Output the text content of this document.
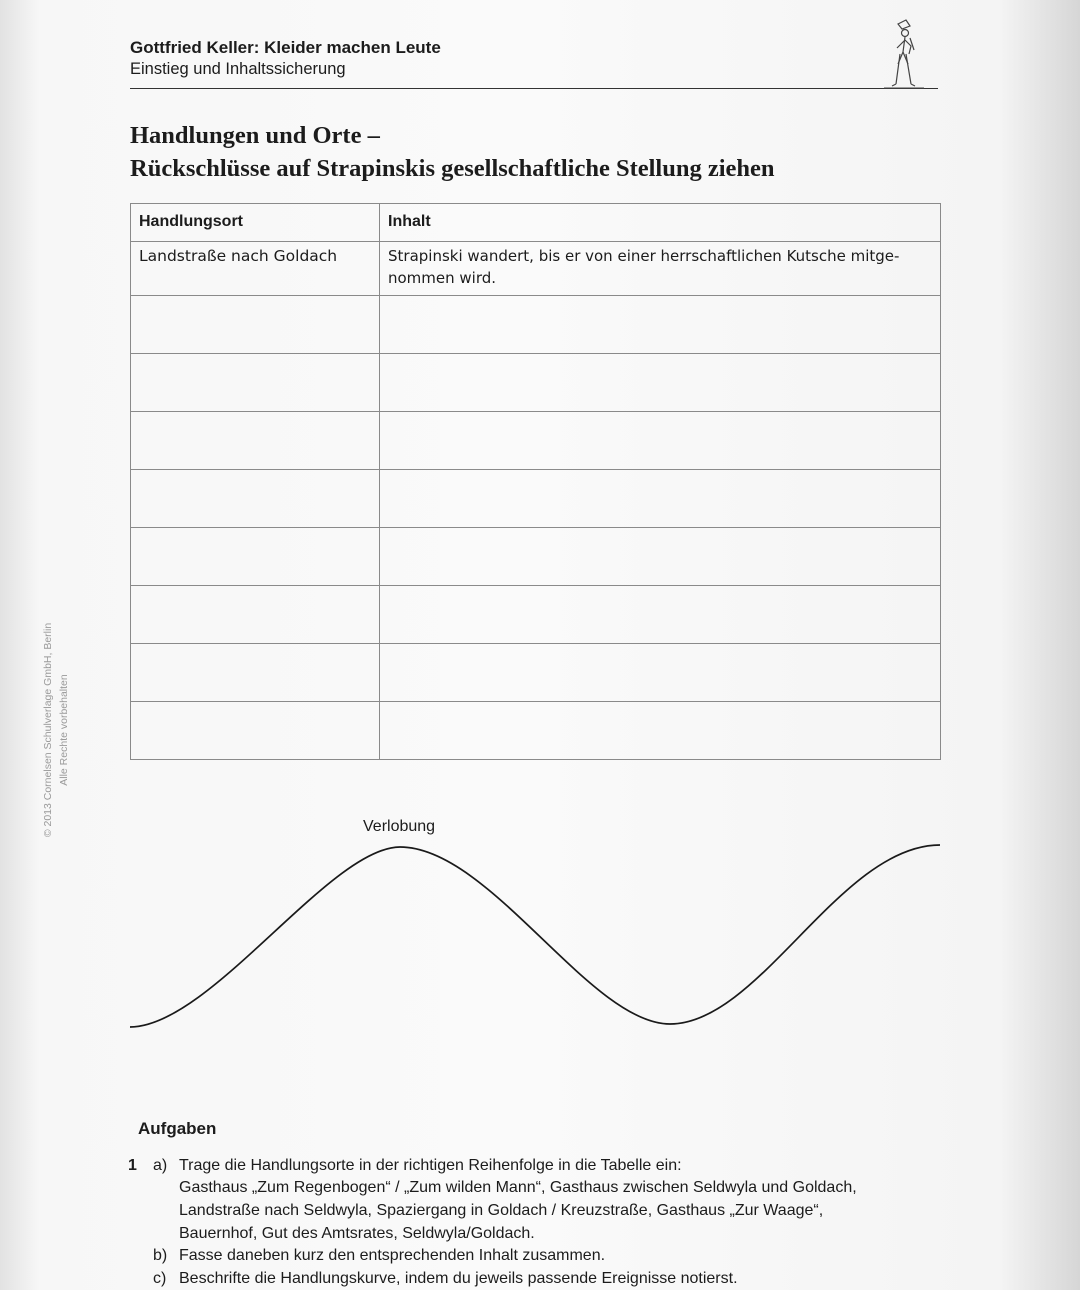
Gottfried Keller: Kleider machen Leute
Einstieg und Inhaltssicherung
Handlungen und Orte –
Rückschlüsse auf Strapinskis gesellschaftliche Stellung ziehen
Handlungsort	Inhalt
Landstraße nach Goldach	Strapinski wandert, bis er von einer herrschaftlichen Kutsche mitge-
nommen wird.

© 2013 Cornelsen Schulverlage GmbH, Berlin Alle Rechte vorbehalten
Verlobung
Aufgaben
1 a) Trage die Handlungsorte in der richtigen Reihenfolge in die Tabelle ein:
Gasthaus „Zum Regenbogen“ / „Zum wilden Mann“, Gasthaus zwischen Seldwyla und Goldach,
Landstraße nach Seldwyla, Spaziergang in Goldach / Kreuzstraße, Gasthaus „Zur Waage“,
Bauernhof, Gut des Amtsrates, Seldwyla/Goldach.
b) Fasse daneben kurz den entsprechenden Inhalt zusammen.
c) Beschrifte die Handlungskurve, indem du jeweils passende Ereignisse notierst.
